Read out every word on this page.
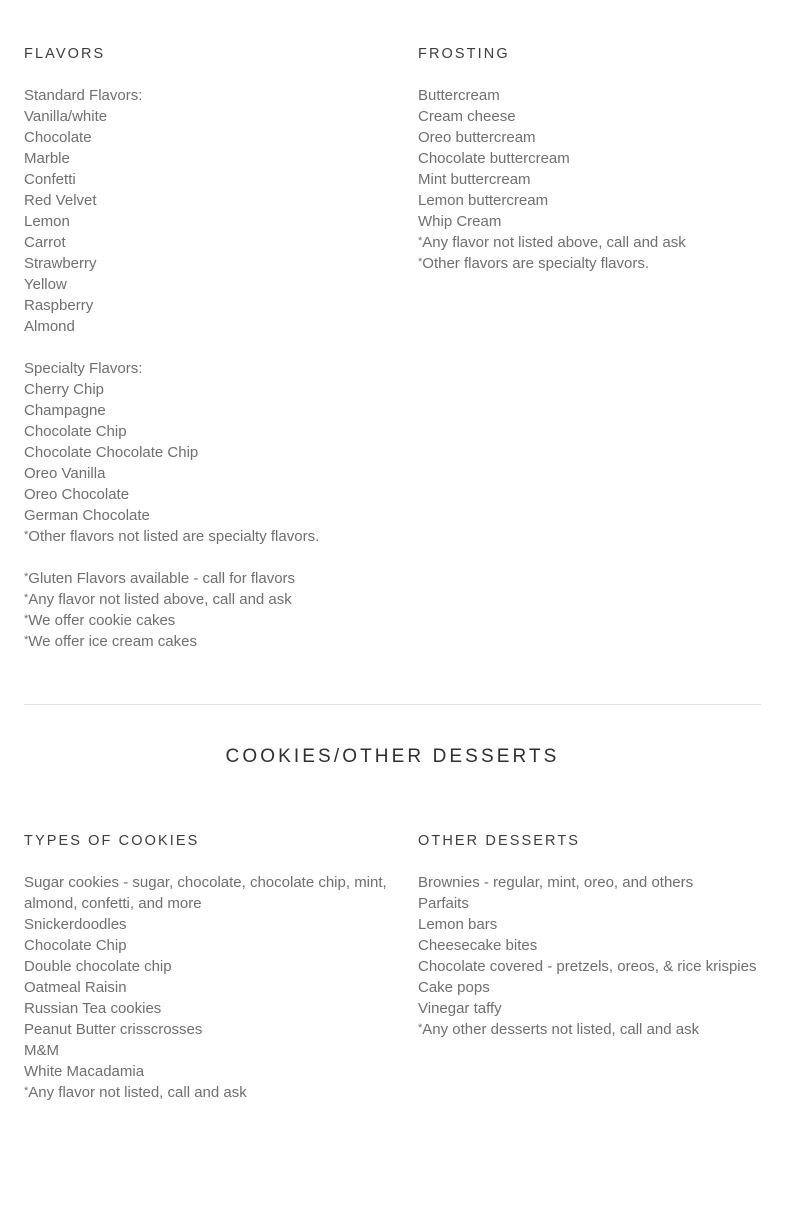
FLAVORS
Standard Flavors:
Vanilla/white
Chocolate
Marble
Confetti
Red Velvet
Lemon
Carrot
Strawberry
Yellow
Raspberry
Almond

Specialty Flavors:
Cherry Chip
Champagne
Chocolate Chip
Chocolate Chocolate Chip
Oreo Vanilla
Oreo Chocolate
German Chocolate
*Other flavors not listed are specialty flavors.

*Gluten Flavors available - call for flavors
*Any flavor not listed above, call and ask
*We offer cookie cakes
*We offer ice cream cakes
FROSTING
Buttercream
Cream cheese
Oreo buttercream
Chocolate buttercream
Mint buttercream
Lemon buttercream
Whip Cream
*Any flavor not listed above, call and ask
*Other flavors are specialty flavors.
COOKIES/OTHER DESSERTS
TYPES OF COOKIES
Sugar cookies - sugar, chocolate, chocolate chip, mint, almond, confetti, and more
Snickerdoodles
Chocolate Chip
Double chocolate chip
Oatmeal Raisin
Russian Tea cookies
Peanut Butter crisscrosses
M&M
White Macadamia
*Any flavor not listed, call and ask
OTHER DESSERTS
Brownies - regular, mint, oreo, and others
Parfaits
Lemon bars
Cheesecake bites
Chocolate covered - pretzels, oreos, & rice krispies
Cake pops
Vinegar taffy
*Any other desserts not listed, call and ask
